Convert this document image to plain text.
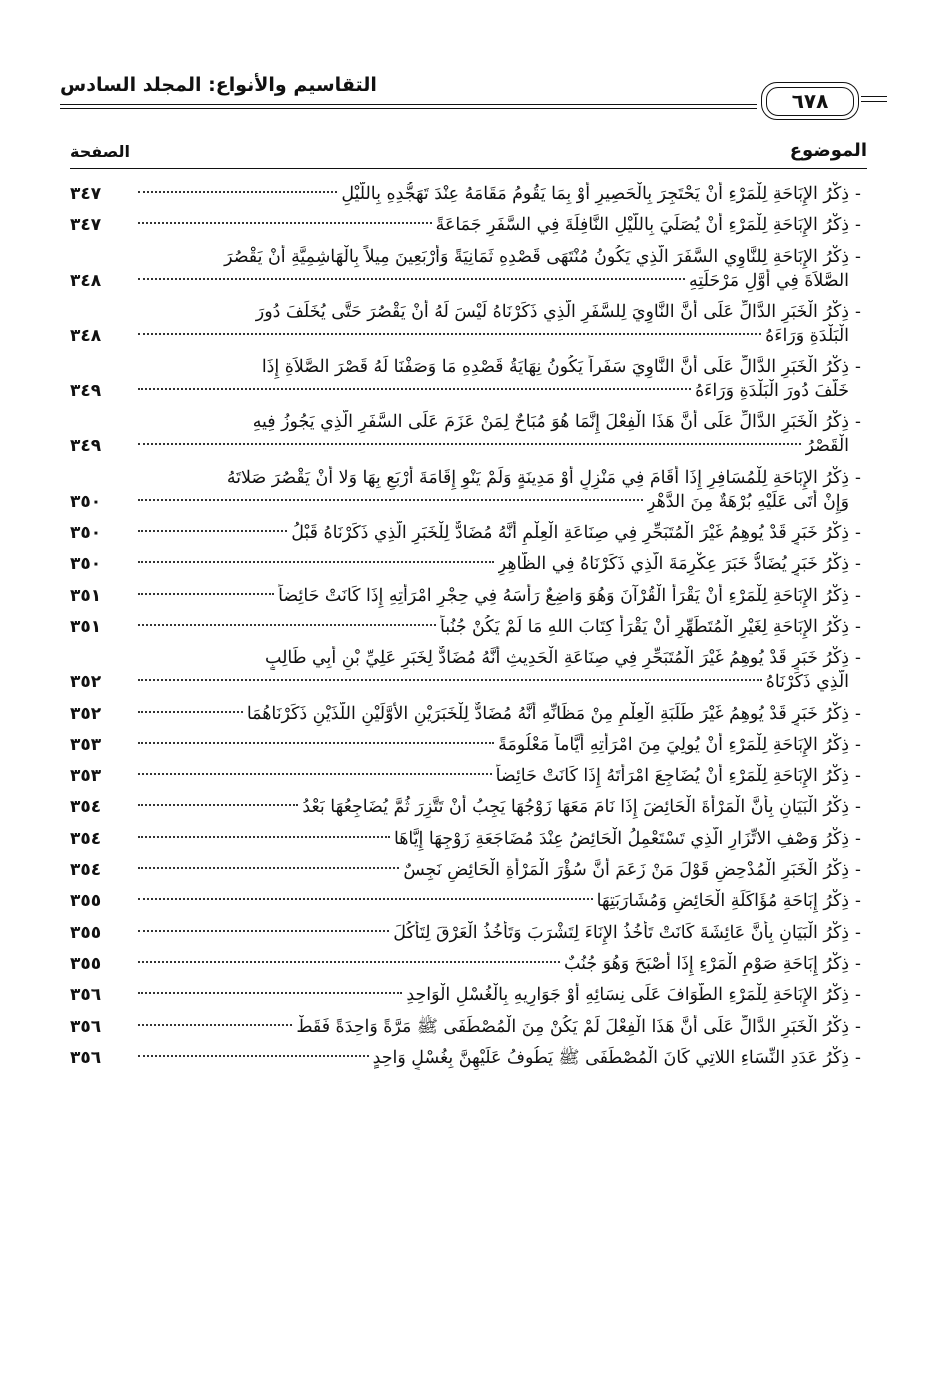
التقاسيم والأنواع: المجلد السادس
٦٧٨
الموضوع
الصفحة
-
ذِكْرُ الإِبَاحَةِ لِلْمَرْءِ أَنْ يَحْتَجِرَ بِالْحَصِيرِ أَوْ بِمَا يَقُومُ مَقَامَهُ عِنْدَ تَهَجُّدِهِ بِاللَّيْلِ
٣٤٧
-
ذِكْرُ الإِبَاحَةِ لِلْمَرْءِ أَنْ يُصَلِّيَ بِاللَّيْلِ النَّافِلَةَ فِي السَّفَرِ جَمَاعَةً
٣٤٧
-
ذِكْرُ الإِبَاحَةِ لِلنَّاوِي السَّفَرَ الَّذِي يَكُونُ مُنْتَهَى قَصْدِهِ ثَمَانِيَةً وَأَرْبَعِينَ مِيلاً بِالْهَاشِمِيَّةِ أَنْ يَقْصُرَ
الصَّلاَةَ فِي أَوَّلِ مَرْحَلَتِهِ
٣٤٨
-
ذِكْرُ الْخَبَرِ الدَّالِّ عَلَى أَنَّ النَّاوِيَ لِلسَّفَرِ الَّذِي ذَكَرْنَاهُ لَيْسَ لَهُ أَنْ يَقْصُرَ حَتَّى يُخَلِّفَ دُورَ
الْبَلْدَةِ وَرَاءَهُ
٣٤٨
-
ذِكْرُ الْخَبَرِ الدَّالِّ عَلَى أَنَّ النَّاوِيَ سَفَراً يَكُونُ نِهَايَةُ قَصْدِهِ مَا وَصَفْنَا لَهُ قَصْرَ الصَّلاَةِ إِذَا
خَلَّفَ دُورَ الْبَلْدَةِ وَرَاءَهُ
٣٤٩
-
ذِكْرُ الْخَبَرِ الدَّالِّ عَلَى أَنَّ هَذَا الْفِعْلَ إِنَّمَا هُوَ مُبَاحٌ لِمَنْ عَزَمَ عَلَى السَّفَرِ الَّذِي يَجُوزُ فِيهِ
الْقَصْرُ
٣٤٩
-
ذِكْرُ الإِبَاحَةِ لِلْمُسَافِرِ إِذَا أَقَامَ فِي مَنْزِلٍ أَوْ مَدِينَةٍ وَلَمْ يَنْوِ إِقَامَةَ أَرْبَعٍ بِهَا وَلا أَنْ يَقْصُرَ صَلاتَهُ
وَإِنْ أَتَى عَلَيْهِ بُرْهَةٌ مِنَ الدَّهْرِ
٣٥٠
-
ذِكْرُ خَبَرٍ قَدْ يُوهِمُ غَيْرَ الْمُتَبَحِّرِ فِي صِنَاعَةِ الْعِلْمِ أَنَّهُ مُضَادٌّ لِلْخَبَرِ الَّذِي ذَكَرْنَاهُ قَبْلُ
٣٥٠
-
ذِكْرُ خَبَرٍ يُضَادُّ خَبَرَ عِكْرِمَةَ الَّذِي ذَكَرْنَاهُ فِي الظَّاهِرِ
٣٥٠
-
ذِكْرُ الإِبَاحَةِ لِلْمَرْءِ أَنْ يَقْرَأَ الْقُرْآنَ وَهُوَ وَاضِعٌ رَأْسَهُ فِي حِجْرِ امْرَأَتِهِ إِذَا كَانَتْ حَائِضاً
٣٥١
-
ذِكْرُ الإِبَاحَةِ لِغَيْرِ الْمُتَطَهِّرِ أَنْ يَقْرَأَ كِتَابَ اللهِ مَا لَمْ يَكُنْ جُنُباً
٣٥١
-
ذِكْرُ خَبَرٍ قَدْ يُوهِمُ غَيْرَ الْمُتَبَحِّرِ فِي صِنَاعَةِ الْحَدِيثِ أَنَّهُ مُضَادٌّ لِخَبَرِ عَلِيِّ بْنِ أَبِي طَالِبٍ
الَّذِي ذَكَرْنَاهُ
٣٥٢
-
ذِكْرُ خَبَرٍ قَدْ يُوهِمُ غَيْرَ طَلَبَةِ الْعِلْمِ مِنْ مَظَانِّهِ أَنَّهُ مُضَادٌّ لِلْخَبَرَيْنِ الأَوَّلَيْنِ اللَّذَيْنِ ذَكَرْنَاهُمَا
٣٥٢
-
ذِكْرُ الإِبَاحَةِ لِلْمَرْءِ أَنْ يُولِيَ مِنَ امْرَأَتِهِ أَيَّاماً مَعْلُومَةً
٣٥٣
-
ذِكْرُ الإِبَاحَةِ لِلْمَرْءِ أَنْ يُضَاجِعَ امْرَأَتَهُ إِذَا كَانَتْ حَائِضاً
٣٥٣
-
ذِكْرُ الْبَيَانِ بِأَنَّ الْمَرْأَةَ الْحَائِضَ إِذَا نَامَ مَعَهَا زَوْجُهَا يَجِبُ أَنْ تَتَّزِرَ ثُمَّ يُضَاجِعُهَا بَعْدُ
٣٥٤
-
ذِكْرُ وَصْفِ الاتِّزَارِ الَّذِي تَسْتَعْمِلُ الْحَائِضُ عِنْدَ مُضَاجَعَةِ زَوْجِهَا إِيَّاهَا
٣٥٤
-
ذِكْرُ الْخَبَرِ الْمُدْحِضِ قَوْلَ مَنْ زَعَمَ أَنَّ سُؤْرَ الْمَرْأَةِ الْحَائِضِ نَجِسٌ
٣٥٤
-
ذِكْرُ إِبَاحَةِ مُؤَاكَلَةِ الْحَائِضِ وَمُشَارَبَتِهَا
٣٥٥
-
ذِكْرُ الْبَيَانِ بِأَنَّ عَائِشَةَ كَانَتْ تَأْخُذُ الإِنَاءَ لِتَشْرَبَ وَتَأْخُذُ الْعَرْقَ لِتَأْكُلَ
٣٥٥
-
ذِكْرُ إِبَاحَةِ صَوْمِ الْمَرْءِ إِذَا أَصْبَحَ وَهُوَ جُنُبٌ
٣٥٥
-
ذِكْرُ الإِبَاحَةِ لِلْمَرْءِ الطَّوَافَ عَلَى نِسَائِهِ أَوْ جَوَارِيهِ بِالْغُسْلِ الْوَاحِدِ
٣٥٦
-
ذِكْرُ الْخَبَرِ الدَّالِّ عَلَى أَنَّ هَذَا الْفِعْلَ لَمْ يَكُنْ مِنَ الْمُصْطَفَى ﷺ مَرَّةً وَاحِدَةً فَقَطْ
٣٥٦
-
ذِكْرُ عَدَدِ النِّسَاءِ اللاتِي كَانَ الْمُصْطَفَى ﷺ يَطُوفُ عَلَيْهِنَّ بِغُسْلٍ وَاحِدٍ
٣٥٦
